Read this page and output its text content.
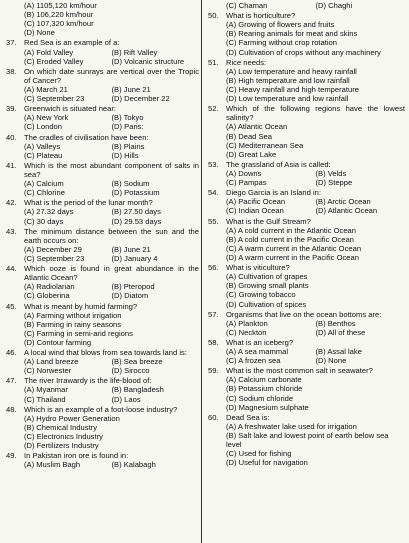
(A) 1105,120 km/hour
(B) 106,220 km/hour
(C) 107,320 km/hour
(D) None
37. Red Sea is an example of a:
(A) Fold Valley	(B) Rift Valley
(C) Eroded Valley	(D) Volcanic structure
38. On which date sunrays are vertical over the Tropic of Cancer?
(A) March 21	(B) June 21
(C) September 23	(D) December 22
39. Greenwich is situated near:
(A) New York	(B) Tokyo
(C) London	(D) Paris:
40. The cradles of civilisation have been:
(A) Valleys	(B) Plains
(C) Plateau	(D) Hills
41. Which is the most abundant component of salts in sea?
(A) Calcium	(B) Sodium
(C) Chlorine	(D) Potassium
42. What is the period of the lunar month?
(A) 27.32 days	(B) 27.50 days
(C) 30 days	(D) 29.53 days
43. The minimum distance between the sun and the earth occurs on:
(A) December 29	(B) June 21
(C) September 23	(D) January 4
44. Which ooze is found in great abundance in the Atlantic Ocean?
(A) Radiolarian	(B) Pteropod
(C) Globerina	(D) Diatom
45. What is meant by humid farming?
(A) Farming without irrigation
(B) Farming in rainy seasons
(C) Farming in semi-arid regions
(D) Contour farming
46. A local wind that blows from sea towards land is:
(A) Land breeze	(B) Sea breeze
(C) Norwester	(D) Sirocco
47. The river Irrawardy is the life-blood of:
(A) Myanmar	(B) Bangladesh
(C) Thailand	(D) Laos
48. Which is an example of a foot-loose industry?
(A) Hydro Power Generation
(B) Chemical Industry
(C) Electronics Industry
(D) Fertilizers Industry
49. In Pakistan iron ore is found in:
(A) Muslim Bagh	(B) Kalabagh
(C) Chaman	(D) Chaghi
50. What is horticulture?
(A) Growing of flowers and fruits
(B) Rearing animals for meat and skins
(C) Farming without crop rotation
(D) Cultivation of crops without any machinery
51. Rice needs:
(A) Low temperature and heavy rainfall
(B) High temperature and low rainfall
(C) Heavy rainfall and high temperature
(D) Low temperature and low rainfall
52. Which of the following regions have the lowest salinity?
(A) Atlantic Ocean
(B) Dead Sea
(C) Mediterranean Sea
(D) Great Lake
53. The grassland of Asia is called:
(A) Downs	(B) Velds
(C) Pampas	(D) Steppe
54. Diego Garcia is an Island in:
(A) Pacific Ocean	(B) Arctic Ocean
(C) Indian Ocean	(D) Atlantic Ocean
55. What is the Gulf Stream?
(A) A cold current in the Atlantic Ocean
(B) A cold current in the Pacific Ocean
(C) A warm current in the Atlantic Ocean
(D) A warm current in the Pacific Ocean
56. What is viticulture?
(A) Cultivation of grapes
(B) Growing small plants
(C) Growing tobacco
(D) Cultivation of spices
57. Organisms that live on the ocean bottoms are:
(A) Plankton	(B) Benthos
(C) Neckton	(D) All of these
58. What is an iceberg?
(A) A sea mammal	(B) Assal lake
(C) A frozen sea	(D) None
59. What is the most common salt in seawater?
(A) Calcium carbonate
(B) Potassium chloride
(C) Sodium chloride
(D) Magnesium sulphate
60. Dead Sea is:
(A) A freshwater lake used for irrigation
(B) Salt lake and lowest point of earth below sea level
(C) Used for fishing
(D) Useful for navigation
